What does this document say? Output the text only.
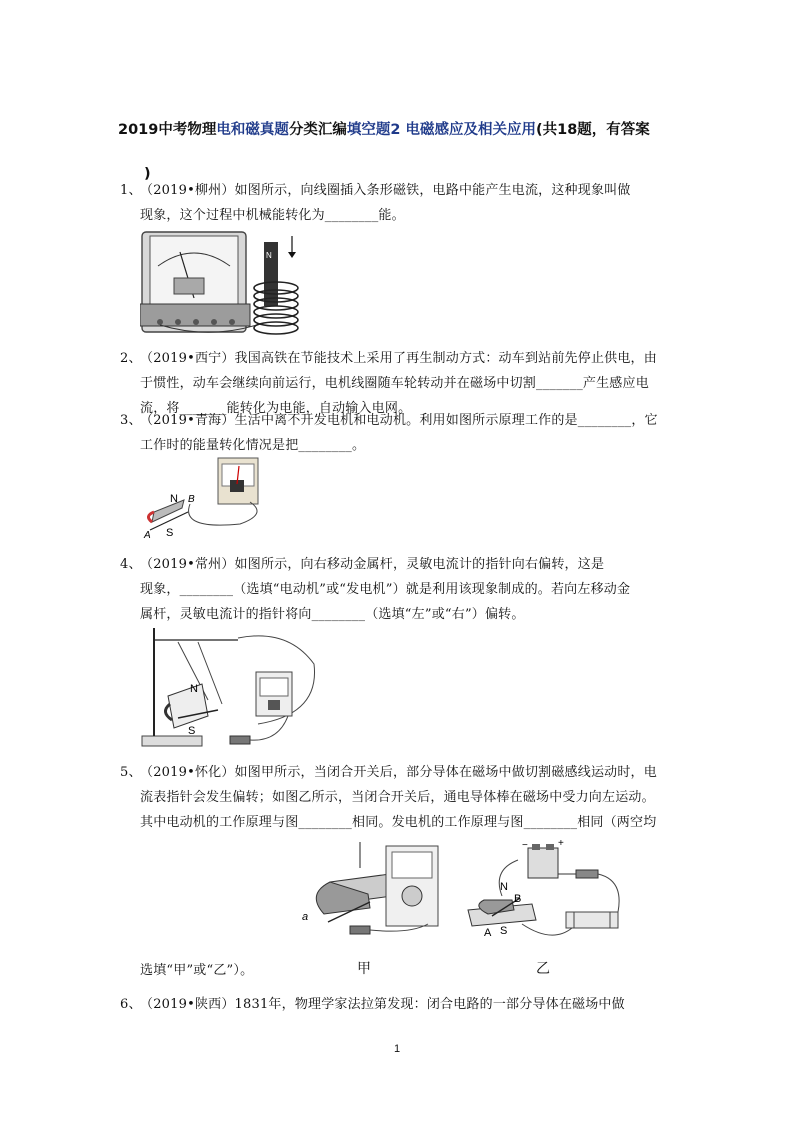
2019中考物理电和磁真题分类汇编填空题2 电磁感应及相关应用(共18题，有答案
)
1、（2019•柳州）如图所示，向线圈插入条形磁铁，电路中能产生电流，这种现象叫做
现象，这个过程中机械能转化为________能。
N
2、（2019•西宁）我国高铁在节能技术上采用了再生制动方式：动车到站前先停止供电，由
于惯性，动车会继续向前运行，电机线圈随车轮转动并在磁场中切割_______产生感应电
流，将_______能转化为电能，自动输入电网。
3、（2019•青海）生活中离不开发电机和电动机。利用如图所示原理工作的是________，它
工作时的能量转化情况是把________。
N B
A S
4、（2019•常州）如图所示，向右移动金属杆，灵敏电流计的指针向右偏转，这是
现象，________（选填“电动机”或“发电机”）就是利用该现象制成的。若向左移动金
属杆，灵敏电流计的指针将向________（选填“左”或“右”）偏转。
N
S
5、（2019•怀化）如图甲所示，当闭合开关后，部分导体在磁场中做切割磁感线运动时，电
流表指针会发生偏转；如图乙所示，当闭合开关后，通电导体棒在磁场中受力向左运动。
其中电动机的工作原理与图________相同。发电机的工作原理与图________相同（两空均
a
−	+
N
B
A S
选填“甲”或“乙”）。	甲	乙
6、（2019•陕西）1831年，物理学家法拉第发现：闭合电路的一部分导体在磁场中做
1
